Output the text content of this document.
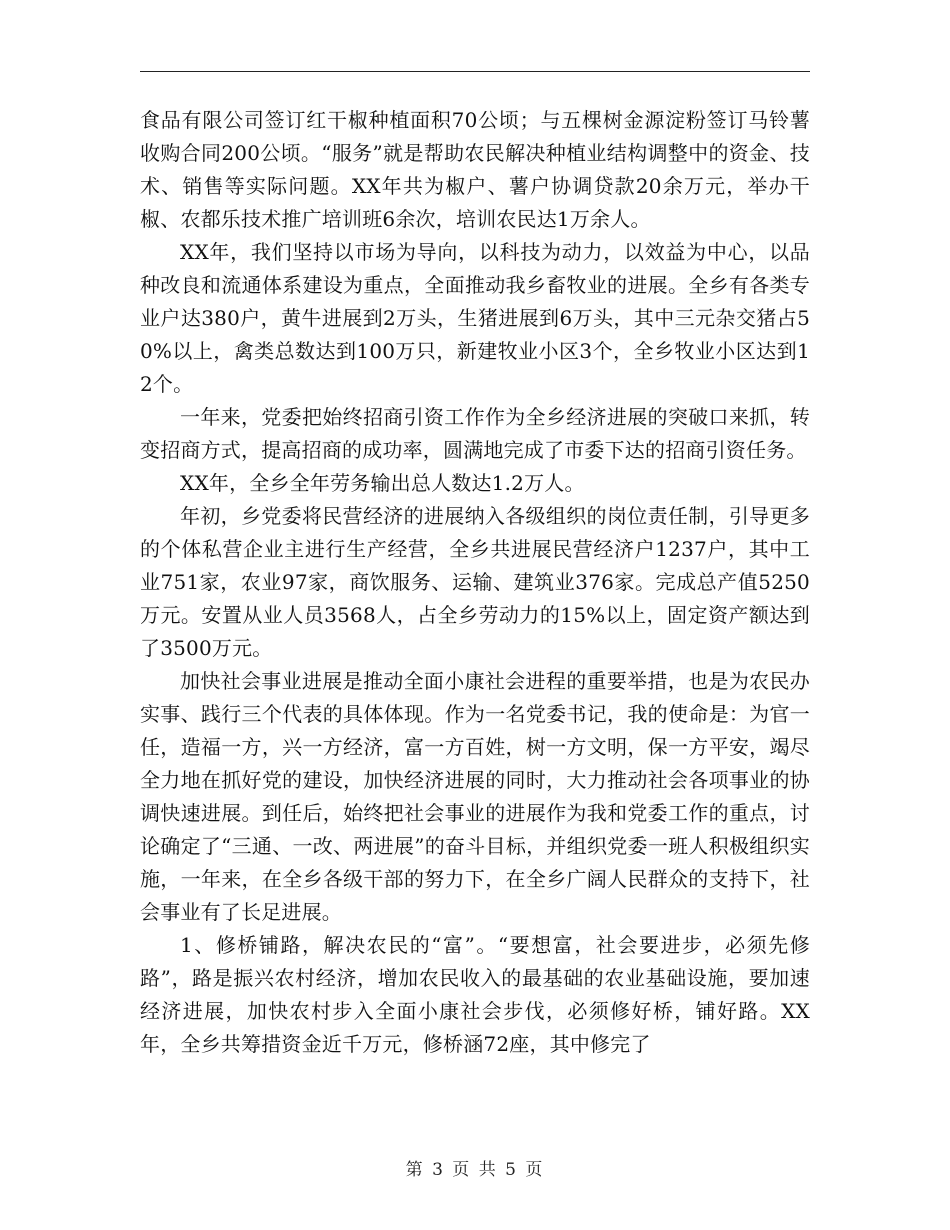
食品有限公司签订红干椒种植面积70公顷；与五棵树金源淀粉签订马铃薯收购合同200公顷。“服务”就是帮助农民解决种植业结构调整中的资金、技术、销售等实际问题。XX年共为椒户、薯户协调贷款20余万元，举办干椒、农都乐技术推广培训班6余次，培训农民达1万余人。

XX年，我们坚持以市场为导向，以科技为动力，以效益为中心，以品种改良和流通体系建设为重点，全面推动我乡畜牧业的进展。全乡有各类专业户达380户，黄牛进展到2万头，生猪进展到6万头，其中三元杂交猪占50%以上，禽类总数达到100万只，新建牧业小区3个，全乡牧业小区达到12个。

一年来，党委把始终招商引资工作作为全乡经济进展的突破口来抓，转变招商方式，提高招商的成功率，圆满地完成了市委下达的招商引资任务。

XX年，全乡全年劳务输出总人数达1.2万人。

年初，乡党委将民营经济的进展纳入各级组织的岗位责任制，引导更多的个体私营企业主进行生产经营，全乡共进展民营经济户1237户，其中工业751家，农业97家，商饮服务、运输、建筑业376家。完成总产值5250万元。安置从业人员3568人，占全乡劳动力的15%以上，固定资产额达到了3500万元。

加快社会事业进展是推动全面小康社会进程的重要举措，也是为农民办实事、践行三个代表的具体体现。作为一名党委书记，我的使命是：为官一任，造福一方，兴一方经济，富一方百姓，树一方文明，保一方平安，竭尽全力地在抓好党的建设，加快经济进展的同时，大力推动社会各项事业的协调快速进展。到任后，始终把社会事业的进展作为我和党委工作的重点，讨论确定了“三通、一改、两进展”的奋斗目标，并组织党委一班人积极组织实施，一年来，在全乡各级干部的努力下，在全乡广阔人民群众的支持下，社会事业有了长足进展。

1、修桥铺路，解决农民的“富”。“要想富，社会要进步，必须先修路”，路是振兴农村经济，增加农民收入的最基础的农业基础设施，要加速经济进展，加快农村步入全面小康社会步伐，必须修好桥，铺好路。XX年，全乡共筹措资金近千万元，修桥涵72座，其中修完了

第 3 页 共 5 页
